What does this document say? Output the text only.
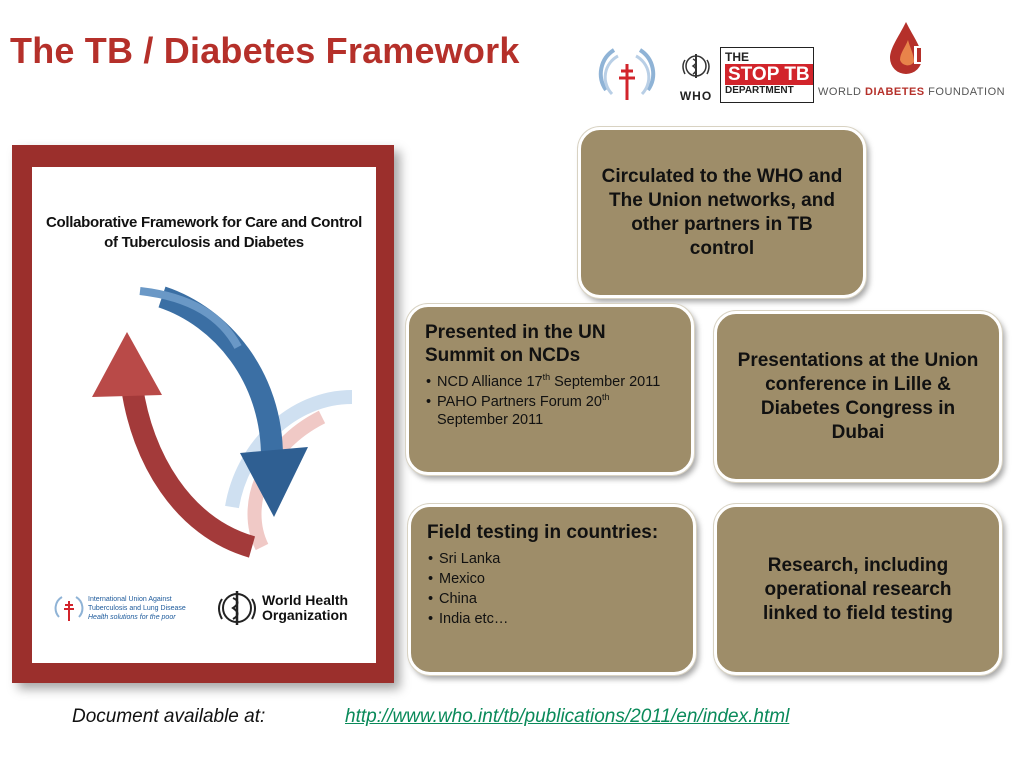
The TB / Diabetes Framework
WHO
THE
STOP TB
DEPARTMENT WORLD DIABETES FOUNDATION
Collaborative Framework for Care and Control
of Tuberculosis and Diabetes
International Union Against
Tuberculosis and Lung Disease
Health solutions for the poor
World Health
Organization
Circulated to the WHO and The Union networks, and other partners in TB control
Presented in the UN Summit on NCDs
• NCD Alliance 17th September 2011
• PAHO Partners Forum 20th September 2011
Presentations at the Union conference in Lille & Diabetes Congress in Dubai
Field testing in countries:
• Sri Lanka
• Mexico
• China
• India etc…
Research, including operational research linked to field testing
Document available at:	http://www.who.int/tb/publications/2011/en/index.html
